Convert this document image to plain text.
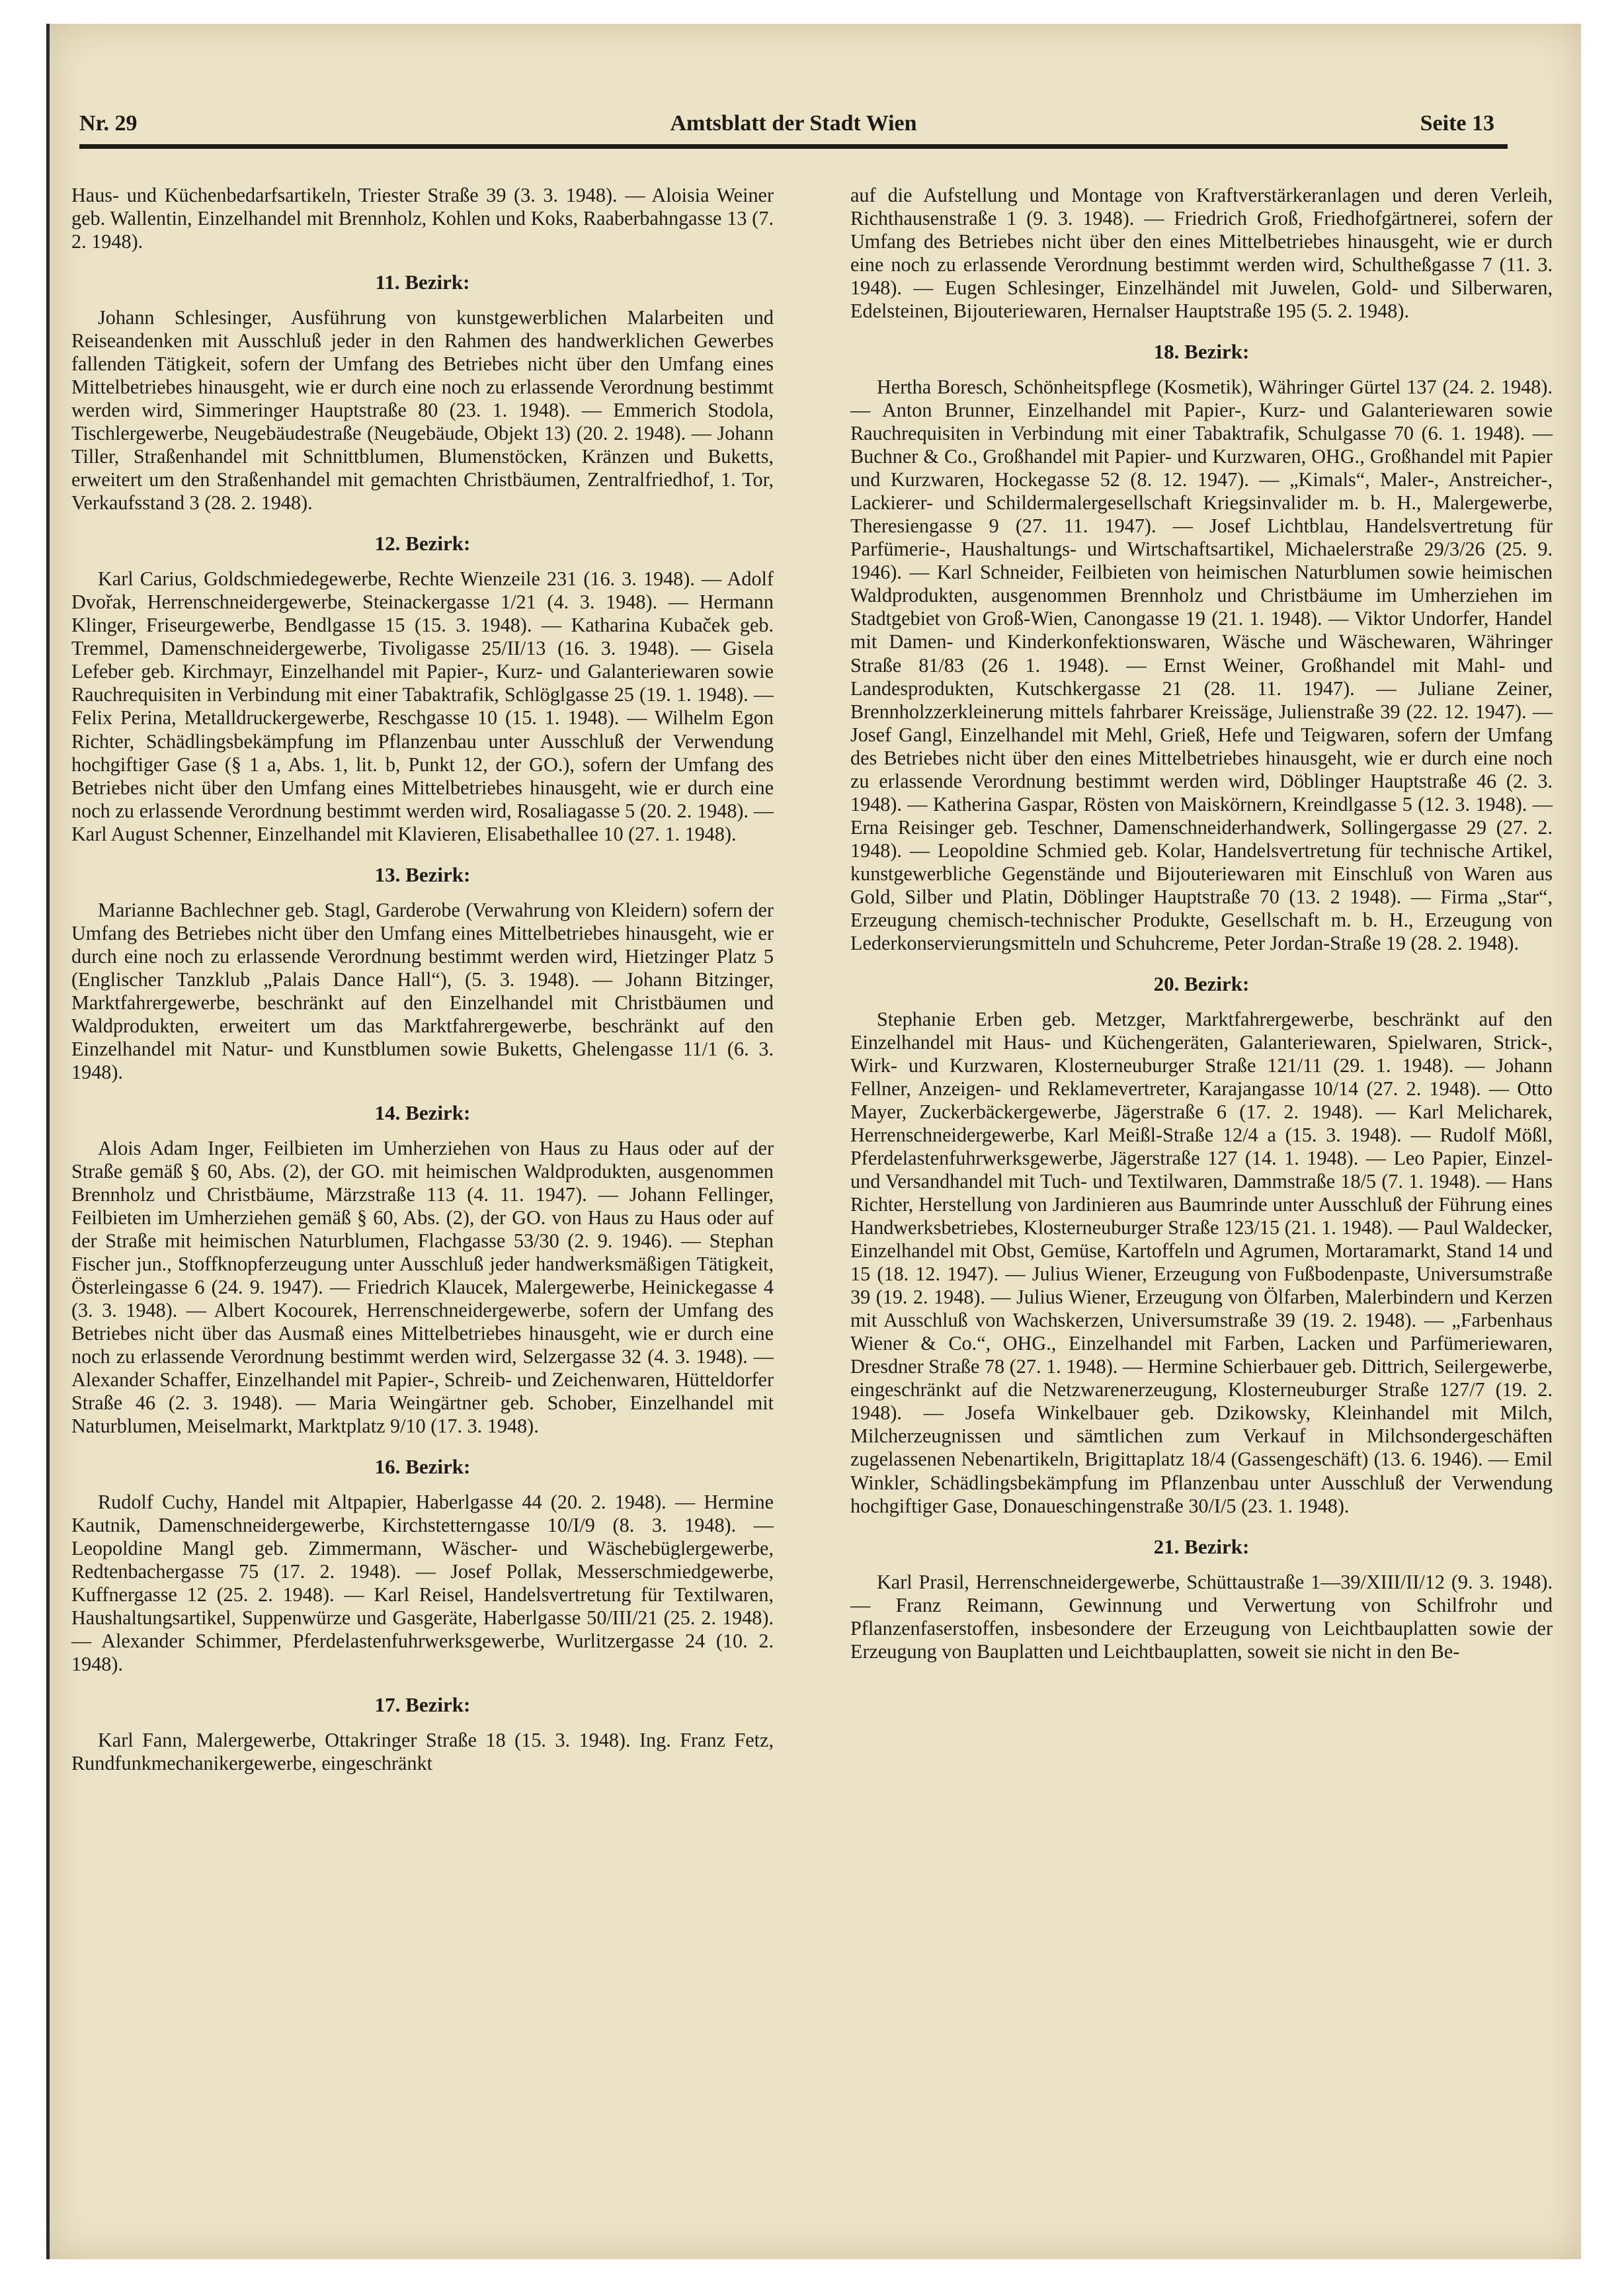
Nr. 29	Amtsblatt der Stadt Wien	Seite 13

Haus- und Küchenbedarfsartikeln, Triester Straße 39 (3. 3. 1948). — Aloisia Weiner geb. Wallentin, Einzelhandel mit Brennholz, Kohlen und Koks, Raaberbahngasse 13 (7. 2. 1948).

11. Bezirk:

Johann Schlesinger, Ausführung von kunstgewerblichen Malarbeiten und Reiseandenken mit Ausschluß jeder in den Rahmen des handwerklichen Gewerbes fallenden Tätigkeit, sofern der Umfang des Betriebes nicht über den Umfang eines Mittelbetriebes hinausgeht, wie er durch eine noch zu erlassende Verordnung bestimmt werden wird, Simmeringer Hauptstraße 80 (23. 1. 1948). — Emmerich Stodola, Tischlergewerbe, Neugebäudestraße (Neugebäude, Objekt 13) (20. 2. 1948). — Johann Tiller, Straßenhandel mit Schnittblumen, Blumenstöcken, Kränzen und Buketts, erweitert um den Straßenhandel mit gemachten Christbäumen, Zentralfriedhof, 1. Tor, Verkaufsstand 3 (28. 2. 1948).

12. Bezirk:

Karl Carius, Goldschmiedegewerbe, Rechte Wienzeile 231 (16. 3. 1948). — Adolf Dvořak, Herrenschneidergewerbe, Steinackergasse 1/21 (4. 3. 1948). — Hermann Klinger, Friseurgewerbe, Bendlgasse 15 (15. 3. 1948). — Katharina Kubaček geb. Tremmel, Damenschneidergewerbe, Tivoligasse 25/II/13 (16. 3. 1948). — Gisela Lefeber geb. Kirchmayr, Einzelhandel mit Papier-, Kurz- und Galanteriewaren sowie Rauchrequisiten in Verbindung mit einer Tabaktrafik, Schlöglgasse 25 (19. 1. 1948). — Felix Perina, Metalldruckergewerbe, Reschgasse 10 (15. 1. 1948). — Wilhelm Egon Richter, Schädlingsbekämpfung im Pflanzenbau unter Ausschluß der Verwendung hochgiftiger Gase (§ 1 a, Abs. 1, lit. b, Punkt 12, der GO.), sofern der Umfang des Betriebes nicht über den Umfang eines Mittelbetriebes hinausgeht, wie er durch eine noch zu erlassende Verordnung bestimmt werden wird, Rosaliagasse 5 (20. 2. 1948). — Karl August Schenner, Einzelhandel mit Klavieren, Elisabethallee 10 (27. 1. 1948).

13. Bezirk:

Marianne Bachlechner geb. Stagl, Garderobe (Verwahrung von Kleidern) sofern der Umfang des Betriebes nicht über den Umfang eines Mittelbetriebes hinausgeht, wie er durch eine noch zu erlassende Verordnung bestimmt werden wird, Hietzinger Platz 5 (Englischer Tanzklub „Palais Dance Hall“), (5. 3. 1948). — Johann Bitzinger, Marktfahrergewerbe, beschränkt auf den Einzelhandel mit Christbäumen und Waldprodukten, erweitert um das Marktfahrergewerbe, beschränkt auf den Einzelhandel mit Natur- und Kunstblumen sowie Buketts, Ghelengasse 11/1 (6. 3. 1948).

14. Bezirk:

Alois Adam Inger, Feilbieten im Umherziehen von Haus zu Haus oder auf der Straße gemäß § 60, Abs. (2), der GO. mit heimischen Waldprodukten, ausgenommen Brennholz und Christbäume, Märzstraße 113 (4. 11. 1947). — Johann Fellinger, Feilbieten im Umherziehen gemäß § 60, Abs. (2), der GO. von Haus zu Haus oder auf der Straße mit heimischen Naturblumen, Flachgasse 53/30 (2. 9. 1946). — Stephan Fischer jun., Stoffknopferzeugung unter Ausschluß jeder handwerksmäßigen Tätigkeit, Österleingasse 6 (24. 9. 1947). — Friedrich Klaucek, Malergewerbe, Heinickegasse 4 (3. 3. 1948). — Albert Kocourek, Herrenschneidergewerbe, sofern der Umfang des Betriebes nicht über das Ausmaß eines Mittelbetriebes hinausgeht, wie er durch eine noch zu erlassende Verordnung bestimmt werden wird, Selzergasse 32 (4. 3. 1948). — Alexander Schaffer, Einzelhandel mit Papier-, Schreib- und Zeichenwaren, Hütteldorfer Straße 46 (2. 3. 1948). — Maria Weingärtner geb. Schober, Einzelhandel mit Naturblumen, Meiselmarkt, Marktplatz 9/10 (17. 3. 1948).

16. Bezirk:

Rudolf Cuchy, Handel mit Altpapier, Haberlgasse 44 (20. 2. 1948). — Hermine Kautnik, Damenschneidergewerbe, Kirchstetterngasse 10/I/9 (8. 3. 1948). — Leopoldine Mangl geb. Zimmermann, Wäscher- und Wäschebüglergewerbe, Redtenbachergasse 75 (17. 2. 1948). — Josef Pollak, Messerschmiedgewerbe, Kuffnergasse 12 (25. 2. 1948). — Karl Reisel, Handelsvertretung für Textilwaren, Haushaltungsartikel, Suppenwürze und Gasgeräte, Haberlgasse 50/III/21 (25. 2. 1948). — Alexander Schimmer, Pferdelastenfuhrwerksgewerbe, Wurlitzergasse 24 (10. 2. 1948).

17. Bezirk:

Karl Fann, Malergewerbe, Ottakringer Straße 18 (15. 3. 1948). Ing. Franz Fetz, Rundfunkmechanikergewerbe, eingeschränkt

auf die Aufstellung und Montage von Kraftverstärkeranlagen und deren Verleih, Richthausenstraße 1 (9. 3. 1948). — Friedrich Groß, Friedhofgärtnerei, sofern der Umfang des Betriebes nicht über den eines Mittelbetriebes hinausgeht, wie er durch eine noch zu erlassende Verordnung bestimmt werden wird, Schultheßgasse 7 (11. 3. 1948). — Eugen Schlesinger, Einzelhändel mit Juwelen, Gold- und Silberwaren, Edelsteinen, Bijouteriewaren, Hernalser Hauptstraße 195 (5. 2. 1948).

18. Bezirk:

Hertha Boresch, Schönheitspflege (Kosmetik), Währinger Gürtel 137 (24. 2. 1948). — Anton Brunner, Einzelhandel mit Papier-, Kurz- und Galanteriewaren sowie Rauchrequisiten in Verbindung mit einer Tabaktrafik, Schulgasse 70 (6. 1. 1948). — Buchner & Co., Großhandel mit Papier- und Kurzwaren, OHG., Großhandel mit Papier und Kurzwaren, Hockegasse 52 (8. 12. 1947). — „Kimals“, Maler-, Anstreicher-, Lackierer- und Schildermalergesellschaft Kriegsinvalider m. b. H., Malergewerbe, Theresiengasse 9 (27. 11. 1947). — Josef Lichtblau, Handelsvertretung für Parfümerie-, Haushaltungs- und Wirtschaftsartikel, Michaelerstraße 29/3/26 (25. 9. 1946). — Karl Schneider, Feilbieten von heimischen Naturblumen sowie heimischen Waldprodukten, ausgenommen Brennholz und Christbäume im Umherziehen im Stadtgebiet von Groß-Wien, Canongasse 19 (21. 1. 1948). — Viktor Undorfer, Handel mit Damen- und Kinderkonfektionswaren, Wäsche und Wäschewaren, Währinger Straße 81/83 (26 1. 1948). — Ernst Weiner, Großhandel mit Mahl- und Landesprodukten, Kutschkergasse 21 (28. 11. 1947). — Juliane Zeiner, Brennholzzerkleinerung mittels fahrbarer Kreissäge, Julienstraße 39 (22. 12. 1947). — Josef Gangl, Einzelhandel mit Mehl, Grieß, Hefe und Teigwaren, sofern der Umfang des Betriebes nicht über den eines Mittelbetriebes hinausgeht, wie er durch eine noch zu erlassende Verordnung bestimmt werden wird, Döblinger Hauptstraße 46 (2. 3. 1948). — Katherina Gaspar, Rösten von Maiskörnern, Kreindlgasse 5 (12. 3. 1948). — Erna Reisinger geb. Teschner, Damenschneiderhandwerk, Sollingergasse 29 (27. 2. 1948). — Leopoldine Schmied geb. Kolar, Handelsvertretung für technische Artikel, kunstgewerbliche Gegenstände und Bijouteriewaren mit Einschluß von Waren aus Gold, Silber und Platin, Döblinger Hauptstraße 70 (13. 2 1948). — Firma „Star“, Erzeugung chemisch-technischer Produkte, Gesellschaft m. b. H., Erzeugung von Lederkonservierungsmitteln und Schuhcreme, Peter Jordan-Straße 19 (28. 2. 1948).

20. Bezirk:

Stephanie Erben geb. Metzger, Marktfahrergewerbe, beschränkt auf den Einzelhandel mit Haus- und Küchengeräten, Galanteriewaren, Spielwaren, Strick-, Wirk- und Kurzwaren, Klosterneuburger Straße 121/11 (29. 1. 1948). — Johann Fellner, Anzeigen- und Reklamevertreter, Karajangasse 10/14 (27. 2. 1948). — Otto Mayer, Zuckerbäckergewerbe, Jägerstraße 6 (17. 2. 1948). — Karl Melicharek, Herrenschneidergewerbe, Karl Meißl-Straße 12/4 a (15. 3. 1948). — Rudolf Mößl, Pferdelastenfuhrwerksgewerbe, Jägerstraße 127 (14. 1. 1948). — Leo Papier, Einzel- und Versandhandel mit Tuch- und Textilwaren, Dammstraße 18/5 (7. 1. 1948). — Hans Richter, Herstellung von Jardinieren aus Baumrinde unter Ausschluß der Führung eines Handwerksbetriebes, Klosterneuburger Straße 123/15 (21. 1. 1948). — Paul Waldecker, Einzelhandel mit Obst, Gemüse, Kartoffeln und Agrumen, Mortaramarkt, Stand 14 und 15 (18. 12. 1947). — Julius Wiener, Erzeugung von Fußbodenpaste, Universumstraße 39 (19. 2. 1948). — Julius Wiener, Erzeugung von Ölfarben, Malerbindern und Kerzen mit Ausschluß von Wachskerzen, Universumstraße 39 (19. 2. 1948). — „Farbenhaus Wiener & Co.“, OHG., Einzelhandel mit Farben, Lacken und Parfümeriewaren, Dresdner Straße 78 (27. 1. 1948). — Hermine Schierbauer geb. Dittrich, Seilergewerbe, eingeschränkt auf die Netzwarenerzeugung, Klosterneuburger Straße 127/7 (19. 2. 1948). — Josefa Winkelbauer geb. Dzikowsky, Kleinhandel mit Milch, Milcherzeugnissen und sämtlichen zum Verkauf in Milchsondergeschäften zugelassenen Nebenartikeln, Brigittaplatz 18/4 (Gassengeschäft) (13. 6. 1946). — Emil Winkler, Schädlingsbekämpfung im Pflanzenbau unter Ausschluß der Verwendung hochgiftiger Gase, Donaueschingenstraße 30/I/5 (23. 1. 1948).

21. Bezirk:

Karl Prasil, Herrenschneidergewerbe, Schüttaustraße 1—39/XIII/II/12 (9. 3. 1948). — Franz Reimann, Gewinnung und Verwertung von Schilfrohr und Pflanzenfaserstoffen, insbesondere der Erzeugung von Leichtbauplatten sowie der Erzeugung von Bauplatten und Leichtbauplatten, soweit sie nicht in den Be-
